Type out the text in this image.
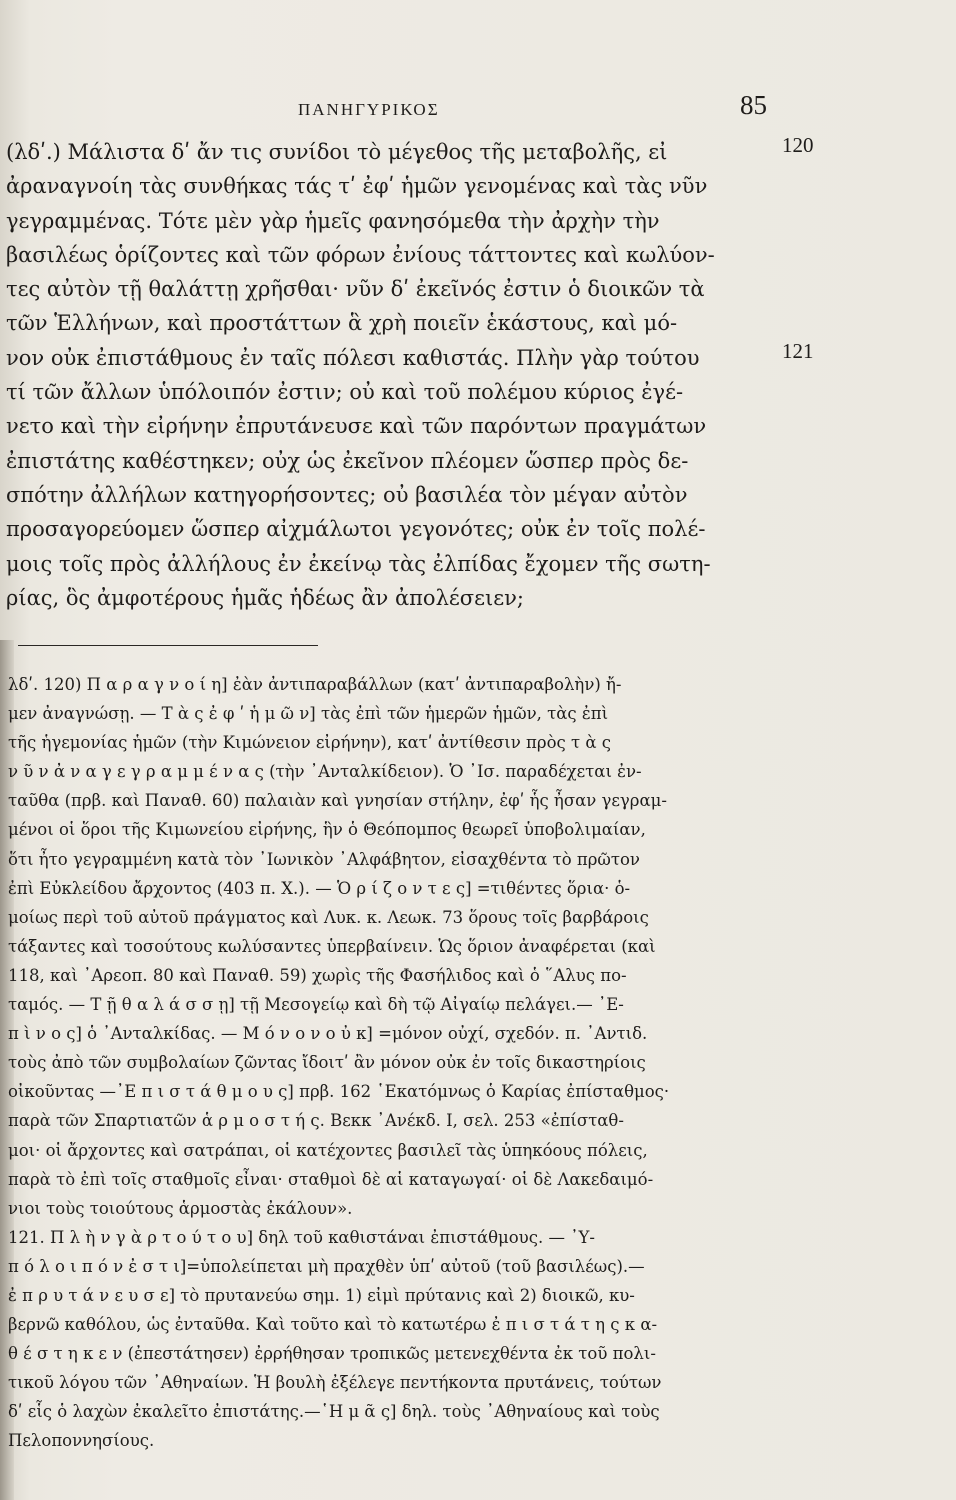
ΠΑΝΗΓΥΡΙΚΟΣ	85
(λδʹ.) Μάλιστα δʹ ἄν τις συνίδοι τὸ μέγεθος τῆς μεταβολῆς, εἰ
ἀραναγνοίη τὰς συνθήκας τάς τʹ ἐφʹ ἡμῶν γενομένας καὶ τὰς νῦν
γεγραμμένας. Τότε μὲν γὰρ ἡμεῖς φανησόμεθα τὴν ἀρχὴν τὴν
βασιλέως ὁρίζοντες καὶ τῶν φόρων ἐνίους τάττοντες καὶ κωλύον-
τες αὐτὸν τῇ θαλάττῃ χρῆσθαι· νῦν δʹ ἐκεῖνός ἐστιν ὁ διοικῶν τὰ
τῶν Ἑλλήνων, καὶ προστάττων ἃ χρὴ ποιεῖν ἑκάστους, καὶ μό-
νον οὐκ ἐπιστάθμους ἐν ταῖς πόλεσι καθιστάς. Πλὴν γὰρ τούτου
τί τῶν ἄλλων ὑπόλοιπόν ἐστιν; οὐ καὶ τοῦ πολέμου κύριος ἐγέ-
νετο καὶ τὴν εἰρήνην ἐπρυτάνευσε καὶ τῶν παρόντων πραγμάτων
ἐπιστάτης καθέστηκεν; οὐχ ὡς ἐκεῖνον πλέομεν ὥσπερ πρὸς δε-
σπότην ἀλλήλων κατηγορήσοντες; οὐ βασιλέα τὸν μέγαν αὐτὸν
προσαγορεύομεν ὥσπερ αἰχμάλωτοι γεγονότες; οὐκ ἐν τοῖς πολέ-
μοις τοῖς πρὸς ἀλλήλους ἐν ἐκείνῳ τὰς ἐλπίδας ἔχομεν τῆς σωτη-
ρίας, ὃς ἀμφοτέρους ἡμᾶς ἡδέως ἂν ἀπολέσειεν;
120
121
λδʹ. 120) Π α ρ α γ ν ο ί η] ἐὰν ἀντιπαραβάλλων (κατʹ ἀντιπαραβολὴν) ἤ-
μεν ἀναγνώσῃ. — Τ ὰ ς ἐ φ ʹ ἡ μ ῶ ν] τὰς ἐπὶ τῶν ἡμερῶν ἡμῶν, τὰς ἐπὶ
τῆς ἡγεμονίας ἡμῶν (τὴν Κιμώνειον εἰρήνην), κατʹ ἀντίθεσιν πρὸς τ ὰ ς
ν ῦ ν ἀ ν α γ ε γ ρ α μ μ έ ν α ς (τὴν ᾿Ανταλκίδειον). Ὁ ᾿Ισ. παραδέχεται ἐν-
ταῦθα (πρβ. καὶ Παναθ. 60) παλαιὰν καὶ γνησίαν στήλην, ἐφʹ ἧς ἦσαν γεγραμ-
μένοι οἱ ὅροι τῆς Κιμωνείου εἰρήνης, ἣν ὁ Θεόπομπος θεωρεῖ ὑποβολιμαίαν,
ὅτι ἦτο γεγραμμένη κατὰ τὸν ᾿Ιωνικὸν ᾿Αλφάβητον, εἰσαχθέντα τὸ πρῶτον
ἐπὶ Εὐκλείδου ἄρχοντος (403 π. Χ.). — Ὁ ρ ί ζ ο ν τ ε ς] =τιθέντες ὅρια· ὁ-
μοίως περὶ τοῦ αὐτοῦ πράγματος καὶ Λυκ. κ. Λεωκ. 73 ὅρους τοῖς βαρβάροις
τάξαντες καὶ τοσούτους κωλύσαντες ὑπερβαίνειν. Ὡς ὅριον ἀναφέρεται (καὶ
118, καὶ ᾿Αρεοπ. 80 καὶ Παναθ. 59) χωρὶς τῆς Φασήλιδος καὶ ὁ ῞Αλυς πο-
ταμός. — Τ ῇ θ α λ ά σ σ ῃ] τῇ Μεσογείῳ καὶ δὴ τῷ Αἰγαίῳ πελάγει.— ᾿Ε-
π ὶ ν ο ς] ὁ ᾿Ανταλκίδας. — Μ ό ν ο ν ο ὐ κ] =μόνον οὐχί, σχεδόν. π. ᾿Αντιδ.
τοὺς ἀπὸ τῶν συμβολαίων ζῶντας ἴδοιτʹ ἂν μόνον οὐκ ἐν τοῖς δικαστηρίοις
οἰκοῦντας —᾿Ε π ι σ τ ά θ μ ο υ ς] πρβ. 162 ῾Εκατόμνως ὁ Καρίας ἐπίσταθμος·
παρὰ τῶν Σπαρτιατῶν ἁ ρ μ ο σ τ ή ς. Βεκκ ᾿Ανέκδ. Ι, σελ. 253 «ἐπίσταθ-
μοι· οἱ ἄρχοντες καὶ σατράπαι, οἱ κατέχοντες βασιλεῖ τὰς ὑπηκόους πόλεις,
παρὰ τὸ ἐπὶ τοῖς σταθμοῖς εἶναι· σταθμοὶ δὲ αἱ καταγωγαί· οἱ δὲ Λακεδαιμό-
νιοι τοὺς τοιούτους ἁρμοστὰς ἐκάλουν».
121. Π λ ὴ ν γ ὰ ρ τ ο ύ τ ο υ] δηλ τοῦ καθιστάναι ἐπιστάθμους. — ᾿Υ-
π ό λ ο ι π ό ν ἐ σ τ ι]=ὑπολείπεται μὴ πραχθὲν ὑπʹ αὐτοῦ (τοῦ βασιλέως).—
ἐ π ρ υ τ ά ν ε υ σ ε] τὸ πρυτανεύω σημ. 1) εἰμὶ πρύτανις καὶ 2) διοικῶ, κυ-
βερνῶ καθόλου, ὡς ἐνταῦθα. Καὶ τοῦτο καὶ τὸ κατωτέρω ἐ π ι σ τ ά τ η ς κ α-
θ έ σ τ η κ ε ν (ἐπεστάτησεν) ἐρρήθησαν τροπικῶς μετενεχθέντα ἐκ τοῦ πολι-
τικοῦ λόγου τῶν ᾿Αθηναίων. Ἡ βουλὴ ἐξέλεγε πεντήκοντα πρυτάνεις, τούτων
δʹ εἷς ὁ λαχὼν ἐκαλεῖτο ἐπιστάτης.—῾Η μ ᾶ ς] δηλ. τοὺς ᾿Αθηναίους καὶ τοὺς
Πελοποννησίους.
